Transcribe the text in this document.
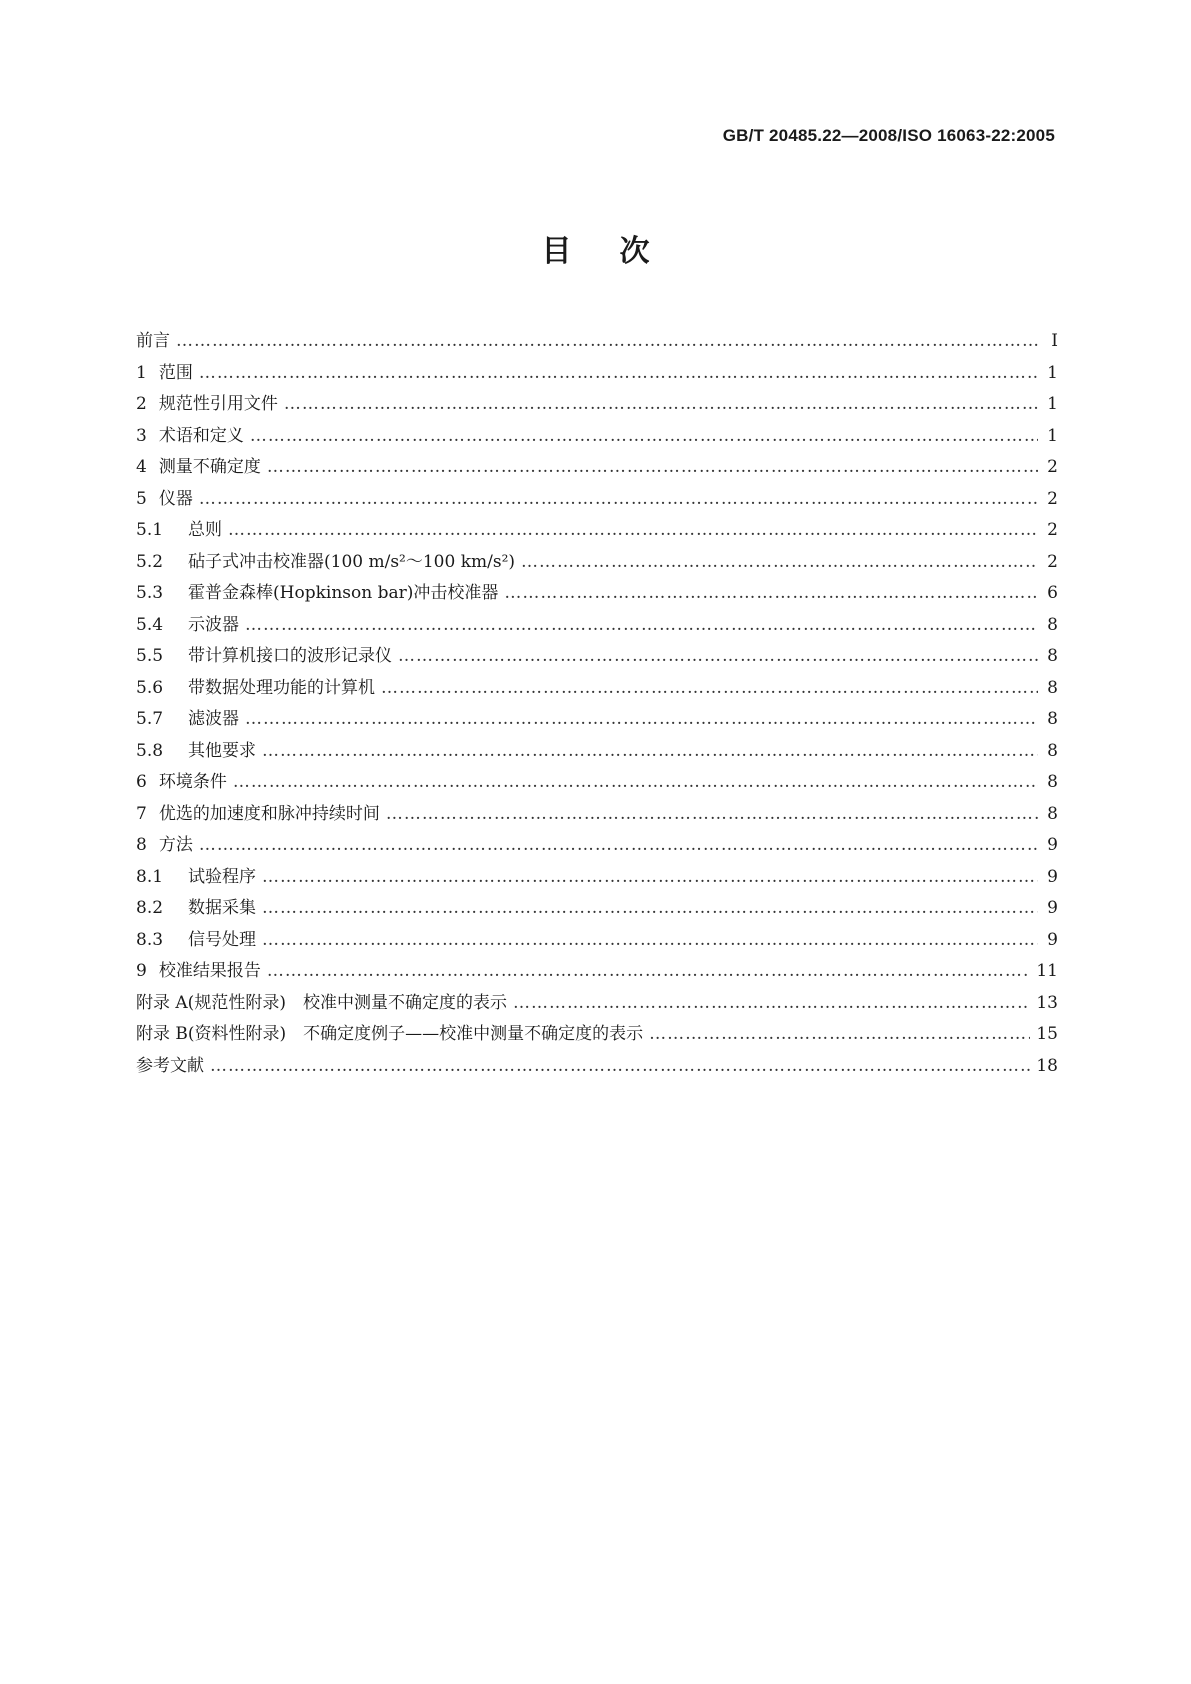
GB/T 20485.22—2008/ISO 16063-22:2005
目次
前言 …………………………………………………………………………………………………………………………………………………………………………………………………………………	Ⅰ
1 范围 …………………………………………………………………………………………………………………………………………………………………………………………………………………	1
2 规范性引用文件 …………………………………………………………………………………………………………………………………………………………………………………………………………………	1
3 术语和定义 …………………………………………………………………………………………………………………………………………………………………………………………………………………	1
4 测量不确定度 …………………………………………………………………………………………………………………………………………………………………………………………………………………	2
5 仪器 …………………………………………………………………………………………………………………………………………………………………………………………………………………	2
5.1	总则 …………………………………………………………………………………………………………………………………………………………………………………………………………………	2
5.2	砧子式冲击校准器(100 m/s²～100 km/s²) …………………………………………………………………………………………………………………………………………………………………………………………………………………	2
5.3	霍普金森棒(Hopkinson bar)冲击校准器 …………………………………………………………………………………………………………………………………………………………………………………………………………………	6
5.4	示波器 …………………………………………………………………………………………………………………………………………………………………………………………………………………	8
5.5	带计算机接口的波形记录仪 …………………………………………………………………………………………………………………………………………………………………………………………………………………	8
5.6	带数据处理功能的计算机 …………………………………………………………………………………………………………………………………………………………………………………………………………………	8
5.7	滤波器 …………………………………………………………………………………………………………………………………………………………………………………………………………………	8
5.8	其他要求 …………………………………………………………………………………………………………………………………………………………………………………………………………………	8
6 环境条件 …………………………………………………………………………………………………………………………………………………………………………………………………………………	8
7 优选的加速度和脉冲持续时间 …………………………………………………………………………………………………………………………………………………………………………………………………………………	8
8 方法 …………………………………………………………………………………………………………………………………………………………………………………………………………………	9
8.1	试验程序 …………………………………………………………………………………………………………………………………………………………………………………………………………………	9
8.2	数据采集 …………………………………………………………………………………………………………………………………………………………………………………………………………………	9
8.3	信号处理 …………………………………………………………………………………………………………………………………………………………………………………………………………………	9
9 校准结果报告 …………………………………………………………………………………………………………………………………………………………………………………………………………………	11
附录 A(规范性附录)　校准中测量不确定度的表示 …………………………………………………………………………………………………………………………………………………………………………………………………………………	13
附录 B(资料性附录)　不确定度例子——校准中测量不确定度的表示 …………………………………………………………………………………………………………………………………………………………………………………………………………………	15
参考文献 …………………………………………………………………………………………………………………………………………………………………………………………………………………	18
